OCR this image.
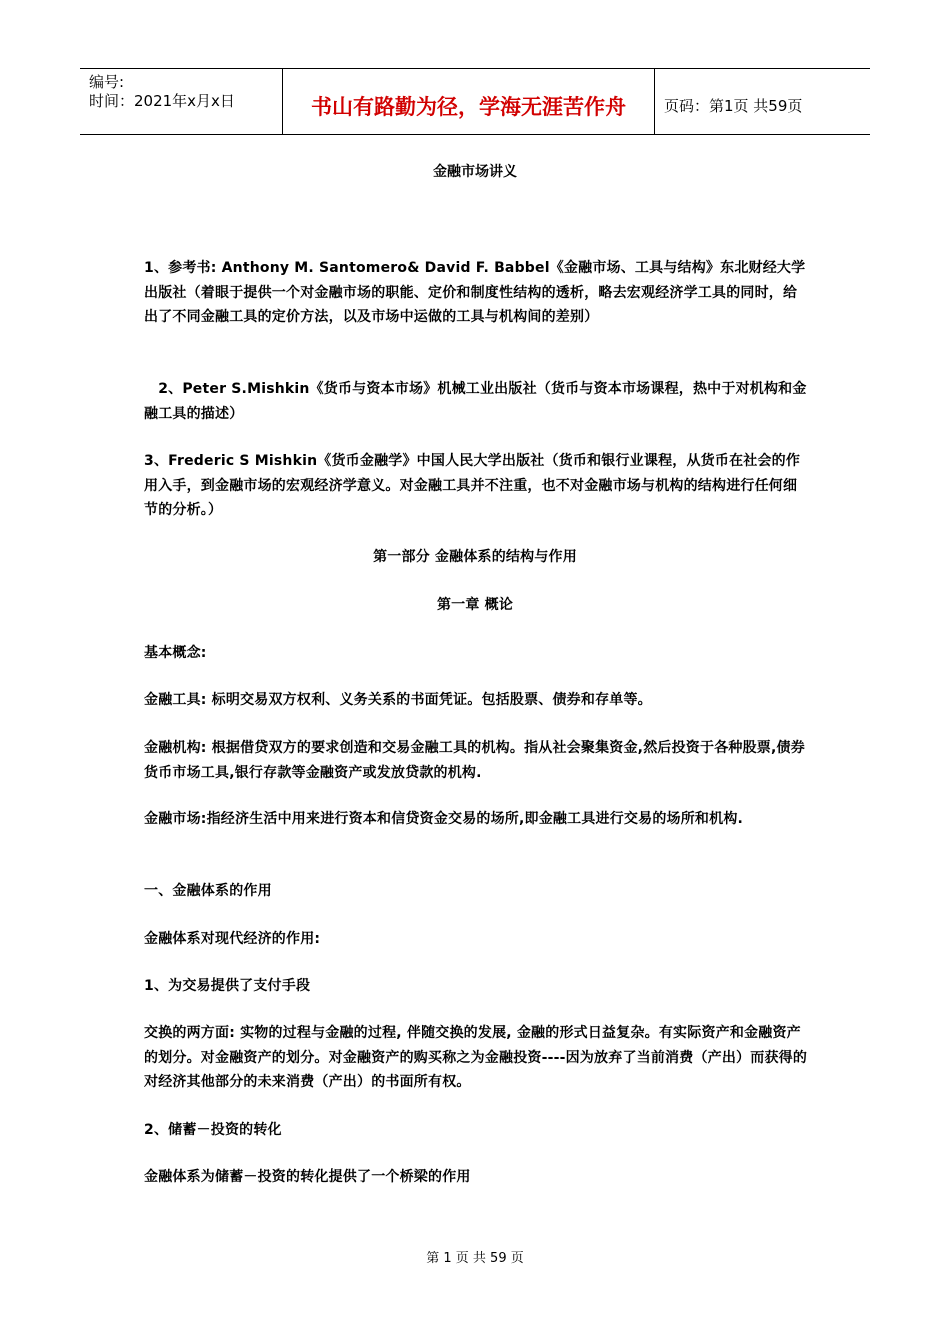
编号:
时间：2021年x月x日	书山有路勤为径，学海无涯苦作舟	页码：第1页 共59页
金融市场讲义
1、参考书: Anthony M. Santomero& David F. Babbel《金融市场、工具与结构》东北财经大学出版社（着眼于提供一个对金融市场的职能、定价和制度性结构的透析，略去宏观经济学工具的同时，给出了不同金融工具的定价方法，以及市场中运做的工具与机构间的差别）
　2、Peter S.Mishkin《货币与资本市场》机械工业出版社（货币与资本市场课程，热中于对机构和金融工具的描述）
3、Frederic S Mishkin《货币金融学》中国人民大学出版社（货币和银行业课程，从货币在社会的作用入手，到金融市场的宏观经济学意义。对金融工具并不注重，也不对金融市场与机构的结构进行任何细节的分析。）
第一部分 金融体系的结构与作用
第一章 概论
基本概念:
金融工具: 标明交易双方权利、义务关系的书面凭证。包括股票、债券和存单等。
金融机构: 根据借贷双方的要求创造和交易金融工具的机构。指从社会聚集资金,然后投资于各种股票,债券货币市场工具,银行存款等金融资产或发放贷款的机构.
金融市场:指经济生活中用来进行资本和信贷资金交易的场所,即金融工具进行交易的场所和机构.
一、金融体系的作用
金融体系对现代经济的作用:
1、为交易提供了支付手段
交换的两方面: 实物的过程与金融的过程, 伴随交换的发展, 金融的形式日益复杂。有实际资产和金融资产的划分。对金融资产的划分。对金融资产的购买称之为金融投资----因为放弃了当前消费（产出）而获得的对经济其他部分的未来消费（产出）的书面所有权。
2、储蓄－投资的转化
金融体系为储蓄－投资的转化提供了一个桥梁的作用
第 1 页 共 59 页
